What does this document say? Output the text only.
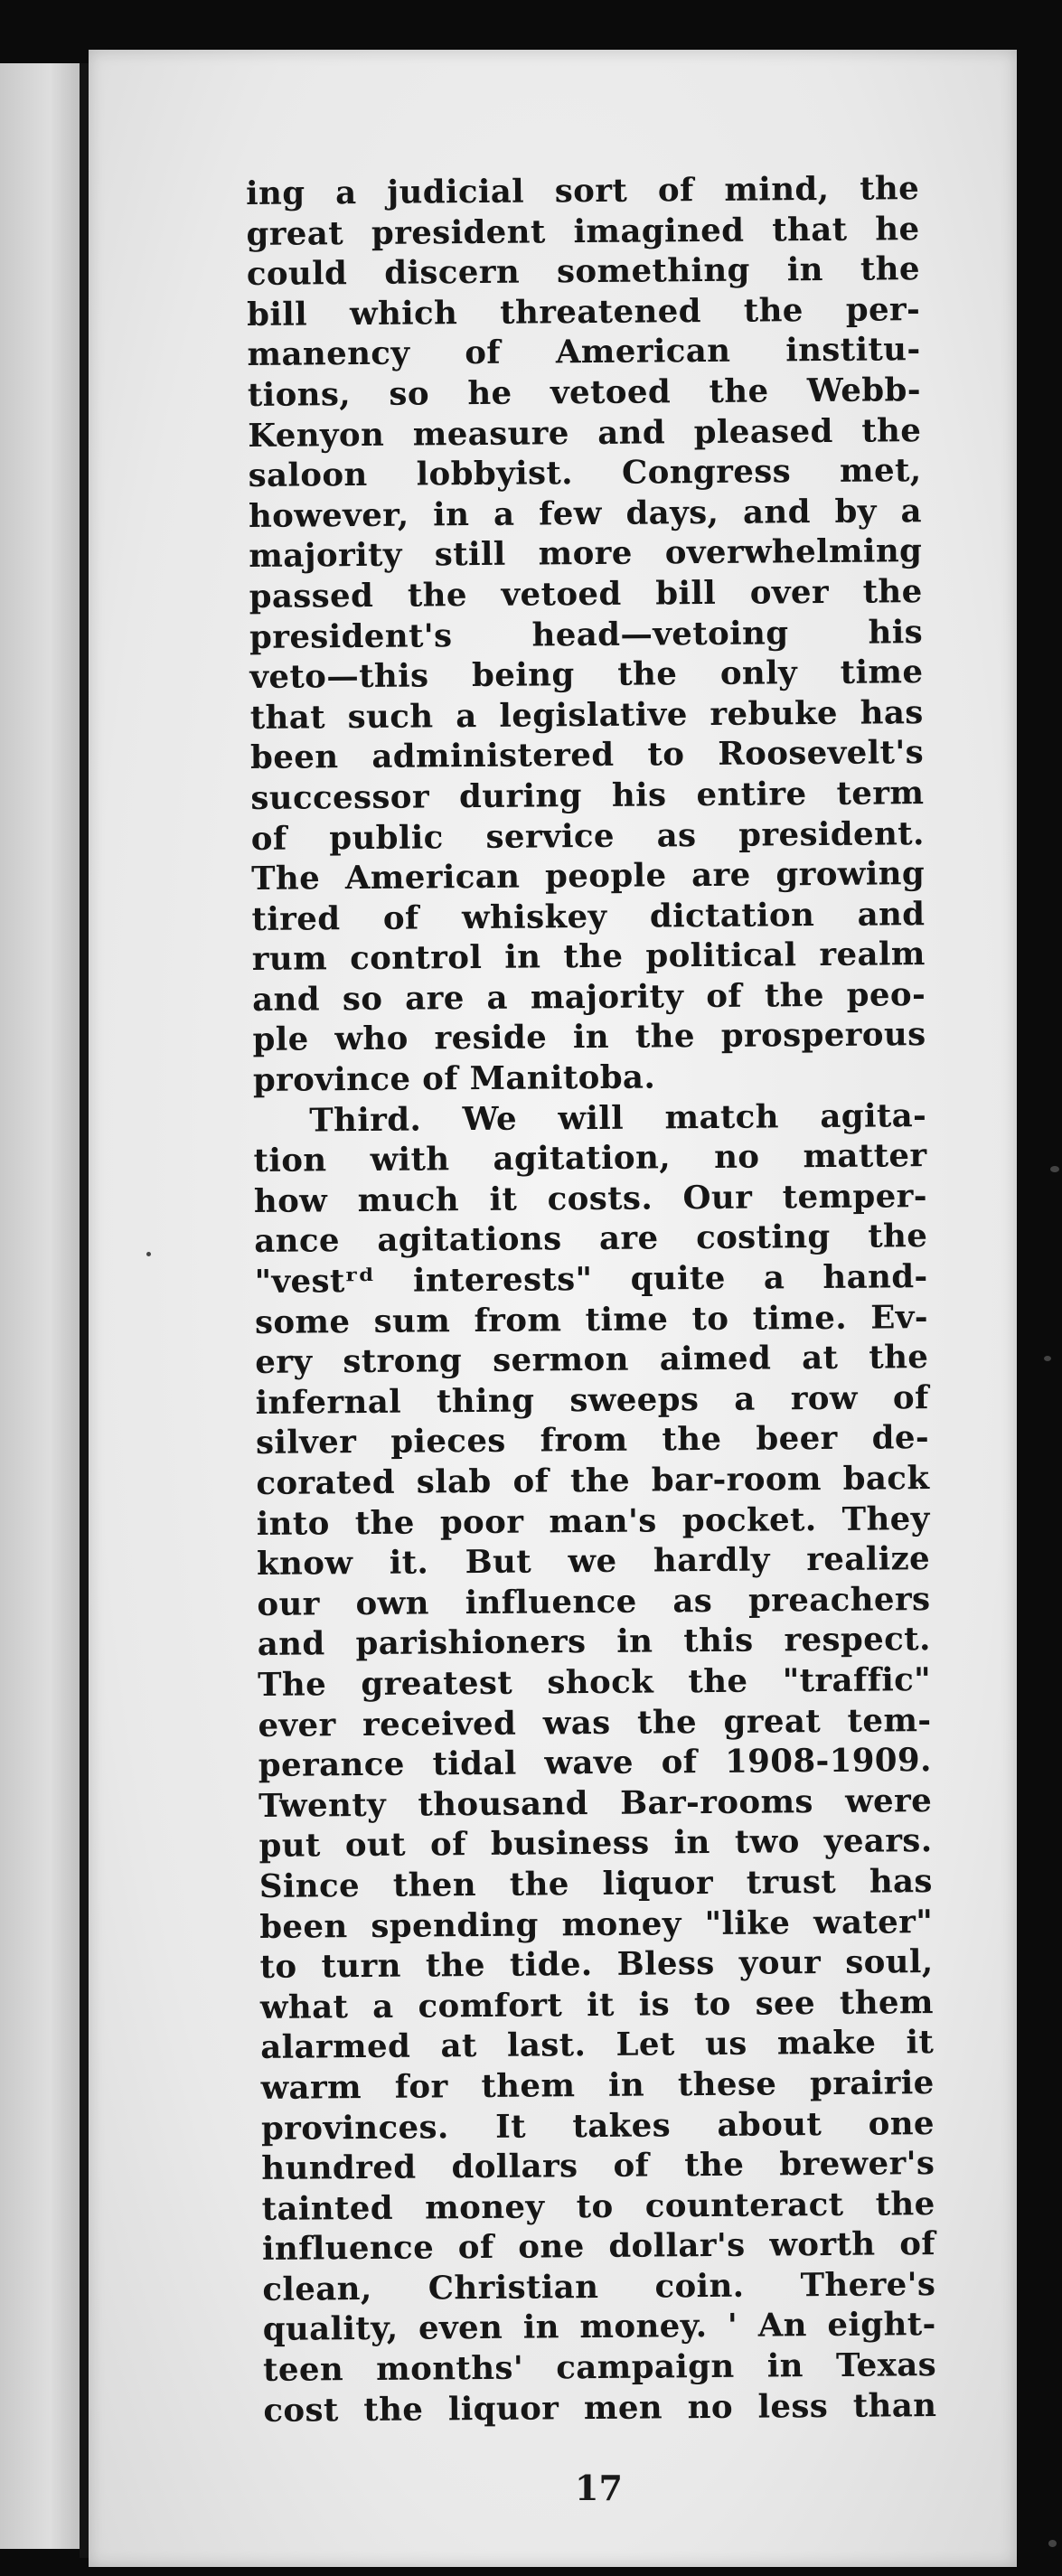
ing a judicial sort of mind, the
great president imagined that he
could discern something in the
bill which threatened the per-
manency of American institu-
tions, so he vetoed the Webb-
Kenyon measure and pleased the
saloon lobbyist. Congress met,
however, in a few days, and by a
majority still more overwhelming
passed the vetoed bill over the
president's head—vetoing his
veto—this being the only time
that such a legislative rebuke has
been administered to Roosevelt's
successor during his entire term
of public service as president.
The American people are growing
tired of whiskey dictation and
rum control in the political realm
and so are a majority of the peo-
ple who reside in the prosperous
province of Manitoba.
Third. We will match agita-
tion with agitation, no matter
how much it costs. Our temper-
ance agitations are costing the
"vestʳᵈ interests" quite a hand-
some sum from time to time. Ev-
ery strong sermon aimed at the
infernal thing sweeps a row of
silver pieces from the beer de-
corated slab of the bar-room back
into the poor man's pocket. They
know it. But we hardly realize
our own influence as preachers
and parishioners in this respect.
The greatest shock the "traffic"
ever received was the great tem-
perance tidal wave of 1908-1909.
Twenty thousand Bar-rooms were
put out of business in two years.
Since then the liquor trust has
been spending money "like water"
to turn the tide. Bless your soul,
what a comfort it is to see them
alarmed at last. Let us make it
warm for them in these prairie
provinces. It takes about one
hundred dollars of the brewer's
tainted money to counteract the
influence of one dollar's worth of
clean, Christian coin. There's
quality, even in money. ' An eight-
teen months' campaign in Texas
cost the liquor men no less than
17
